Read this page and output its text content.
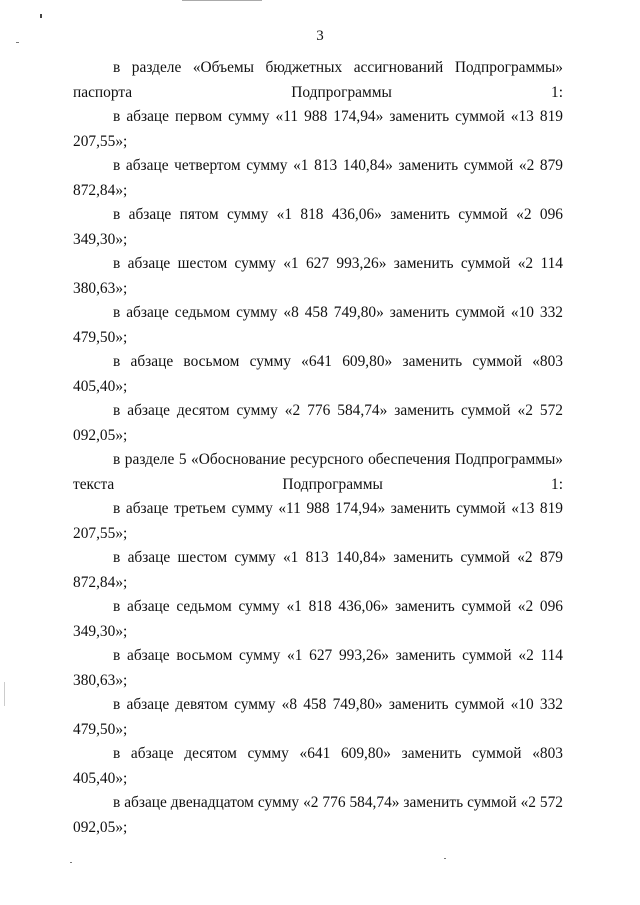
3

в разделе «Объемы бюджетных ассигнований Подпрограммы» паспорта Подпрограммы 1:

в абзаце первом сумму «11 988 174,94» заменить суммой «13 819 207,55»;

в абзаце четвертом сумму «1 813 140,84» заменить суммой «2 879 872,84»;

в абзаце пятом сумму «1 818 436,06» заменить суммой «2 096 349,30»;

в абзаце шестом сумму «1 627 993,26» заменить суммой «2 114 380,63»;

в абзаце седьмом сумму «8 458 749,80» заменить суммой «10 332 479,50»;

в абзаце восьмом сумму «641 609,80» заменить суммой «803 405,40»;

в абзаце десятом сумму «2 776 584,74» заменить суммой «2 572 092,05»;

в разделе 5 «Обоснование ресурсного обеспечения Подпрограммы» текста Подпрограммы 1:

в абзаце третьем сумму «11 988 174,94» заменить суммой «13 819 207,55»;

в абзаце шестом сумму «1 813 140,84» заменить суммой «2 879 872,84»;

в абзаце седьмом сумму «1 818 436,06» заменить суммой «2 096 349,30»;

в абзаце восьмом сумму «1 627 993,26» заменить суммой «2 114 380,63»;

в абзаце девятом сумму «8 458 749,80» заменить суммой «10 332 479,50»;

в абзаце десятом сумму «641 609,80» заменить суммой «803 405,40»;

в абзаце двенадцатом сумму «2 776 584,74» заменить суммой «2 572 092,05»;
